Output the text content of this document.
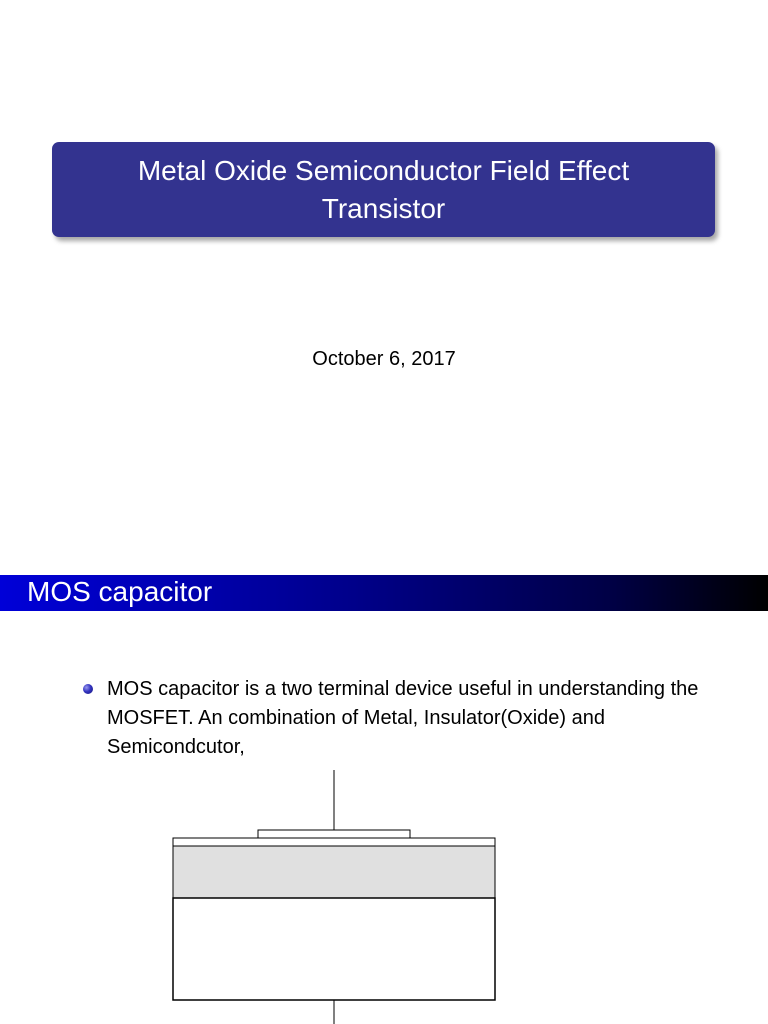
Metal Oxide Semiconductor Field Effect Transistor
October 6, 2017
MOS capacitor
MOS capacitor is a two terminal device useful in understanding the MOSFET. An combination of Metal, Insulator(Oxide) and Semicondcutor,
